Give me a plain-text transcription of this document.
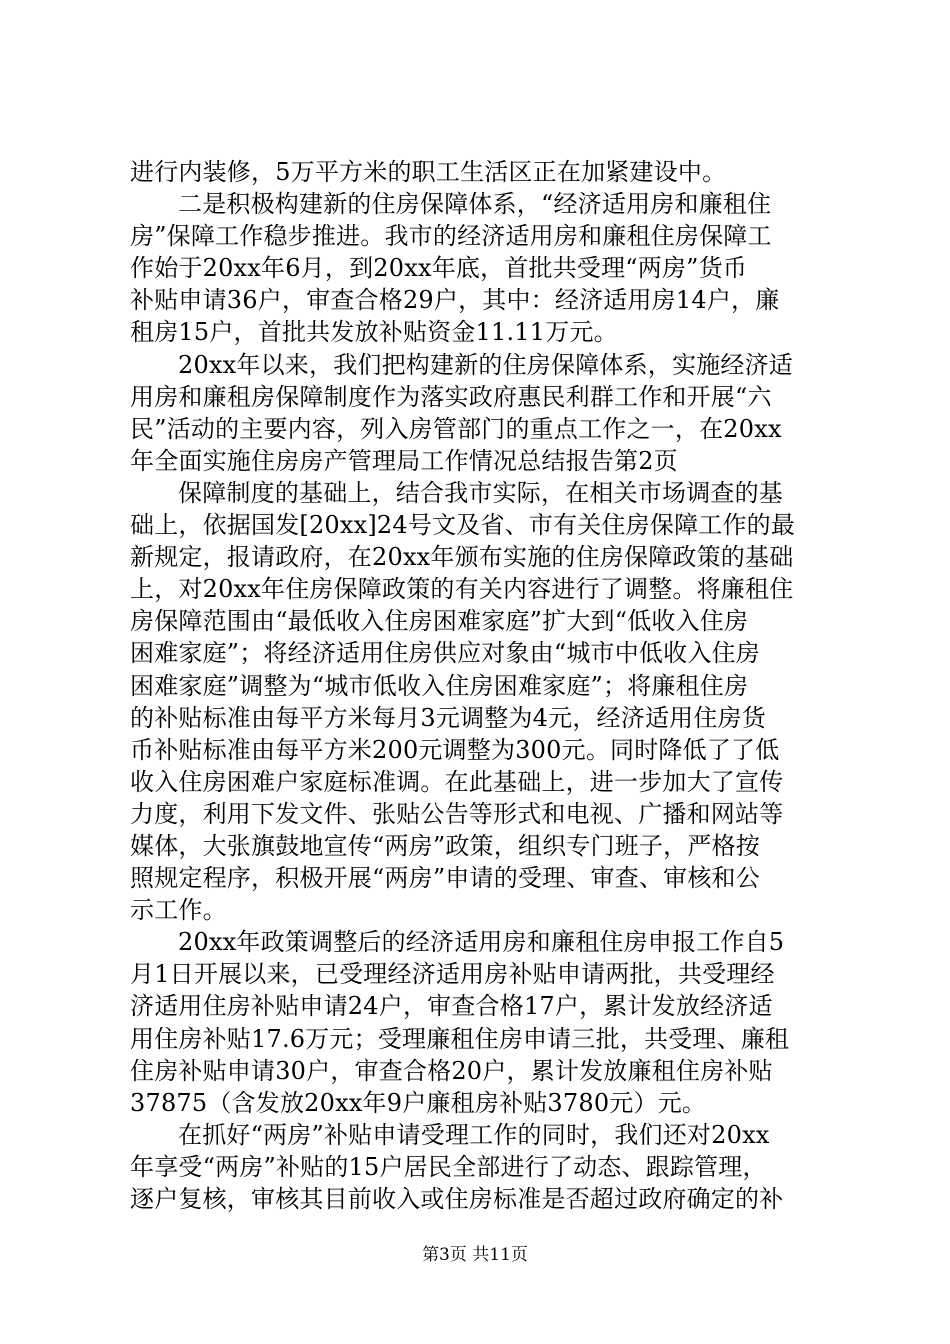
进行内装修，5万平方米的职工生活区正在加紧建设中。
二是积极构建新的住房保障体系，“经济适用房和廉租住
房”保障工作稳步推进。我市的经济适用房和廉租住房保障工
作始于20xx年6月，到20xx年底，首批共受理“两房”货币
补贴申请36户，审查合格29户，其中：经济适用房14户，廉
租房15户，首批共发放补贴资金11.11万元。
20xx年以来，我们把构建新的住房保障体系，实施经济适
用房和廉租房保障制度作为落实政府惠民利群工作和开展“六
民”活动的主要内容，列入房管部门的重点工作之一，在20xx
年全面实施住房房产管理局工作情况总结报告第2页
保障制度的基础上，结合我市实际，在相关市场调查的基
础上，依据国发[20xx]24号文及省、市有关住房保障工作的最
新规定，报请政府，在20xx年颁布实施的住房保障政策的基础
上，对20xx年住房保障政策的有关内容进行了调整。将廉租住
房保障范围由“最低收入住房困难家庭”扩大到“低收入住房
困难家庭”；将经济适用住房供应对象由“城市中低收入住房
困难家庭”调整为“城市低收入住房困难家庭”；将廉租住房
的补贴标准由每平方米每月3元调整为4元，经济适用住房货
币补贴标准由每平方米200元调整为300元。同时降低了了低
收入住房困难户家庭标准调。在此基础上，进一步加大了宣传
力度，利用下发文件、张贴公告等形式和电视、广播和网站等
媒体，大张旗鼓地宣传“两房”政策，组织专门班子，严格按
照规定程序，积极开展“两房”申请的受理、审查、审核和公
示工作。
20xx年政策调整后的经济适用房和廉租住房申报工作自5
月1日开展以来，已受理经济适用房补贴申请两批，共受理经
济适用住房补贴申请24户，审查合格17户，累计发放经济适
用住房补贴17.6万元；受理廉租住房申请三批，共受理、廉租
住房补贴申请30户，审查合格20户，累计发放廉租住房补贴
37875（含发放20xx年9户廉租房补贴3780元）元。
在抓好“两房”补贴申请受理工作的同时，我们还对20xx
年享受“两房”补贴的15户居民全部进行了动态、跟踪管理，
逐户复核，审核其目前收入或住房标准是否超过政府确定的补
第3页 共11页
